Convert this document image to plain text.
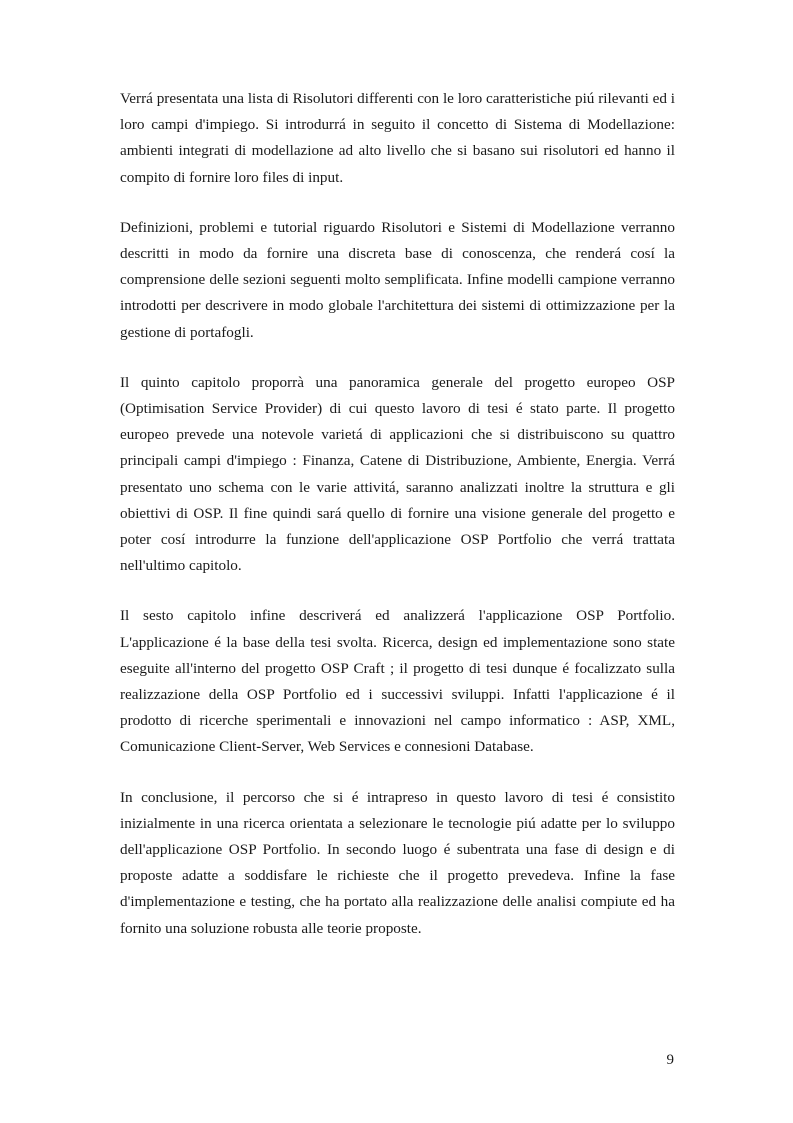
Verrá presentata una lista di Risolutori differenti con le loro caratteristiche piú rilevanti ed i loro campi d'impiego. Si introdurrá in seguito il concetto di Sistema di Modellazione: ambienti integrati di modellazione ad alto livello che si basano sui risolutori ed hanno il compito di fornire loro files di input.

Definizioni, problemi e tutorial riguardo Risolutori e Sistemi di Modellazione verranno descritti in modo da fornire una discreta base di conoscenza, che renderá cosí la comprensione delle sezioni seguenti molto semplificata. Infine modelli campione verranno introdotti per descrivere in modo globale l'architettura dei sistemi di ottimizzazione per la gestione di portafogli.

Il quinto capitolo proporrà una panoramica generale del progetto europeo OSP (Optimisation Service Provider) di cui questo lavoro di tesi é stato parte. Il progetto europeo prevede una notevole varietá di applicazioni che si distribuiscono su quattro principali campi d'impiego : Finanza, Catene di Distribuzione, Ambiente, Energia. Verrá presentato uno schema con le varie attivitá, saranno analizzati inoltre la struttura e gli obiettivi di OSP. Il fine quindi sará quello di fornire una visione generale del progetto e poter cosí introdurre la funzione dell'applicazione OSP Portfolio che verrá trattata nell'ultimo capitolo.

Il sesto capitolo infine descriverá ed analizzerá l'applicazione OSP Portfolio. L'applicazione é la base della tesi svolta. Ricerca, design ed implementazione sono state eseguite all'interno del progetto OSP Craft ; il progetto di tesi dunque é focalizzato sulla realizzazione della OSP Portfolio ed i successivi sviluppi. Infatti l'applicazione é il prodotto di ricerche sperimentali e innovazioni nel campo informatico : ASP, XML, Comunicazione Client-Server, Web Services e connesioni Database.

In conclusione, il percorso che si é intrapreso in questo lavoro di tesi é consistito inizialmente in una ricerca orientata a selezionare le tecnologie piú adatte per lo sviluppo dell'applicazione OSP Portfolio. In secondo luogo é subentrata una fase di design e di proposte adatte a soddisfare le richieste che il progetto prevedeva. Infine la fase d'implementazione e testing, che ha portato alla realizzazione delle analisi compiute ed ha fornito una soluzione robusta alle teorie proposte.

9
